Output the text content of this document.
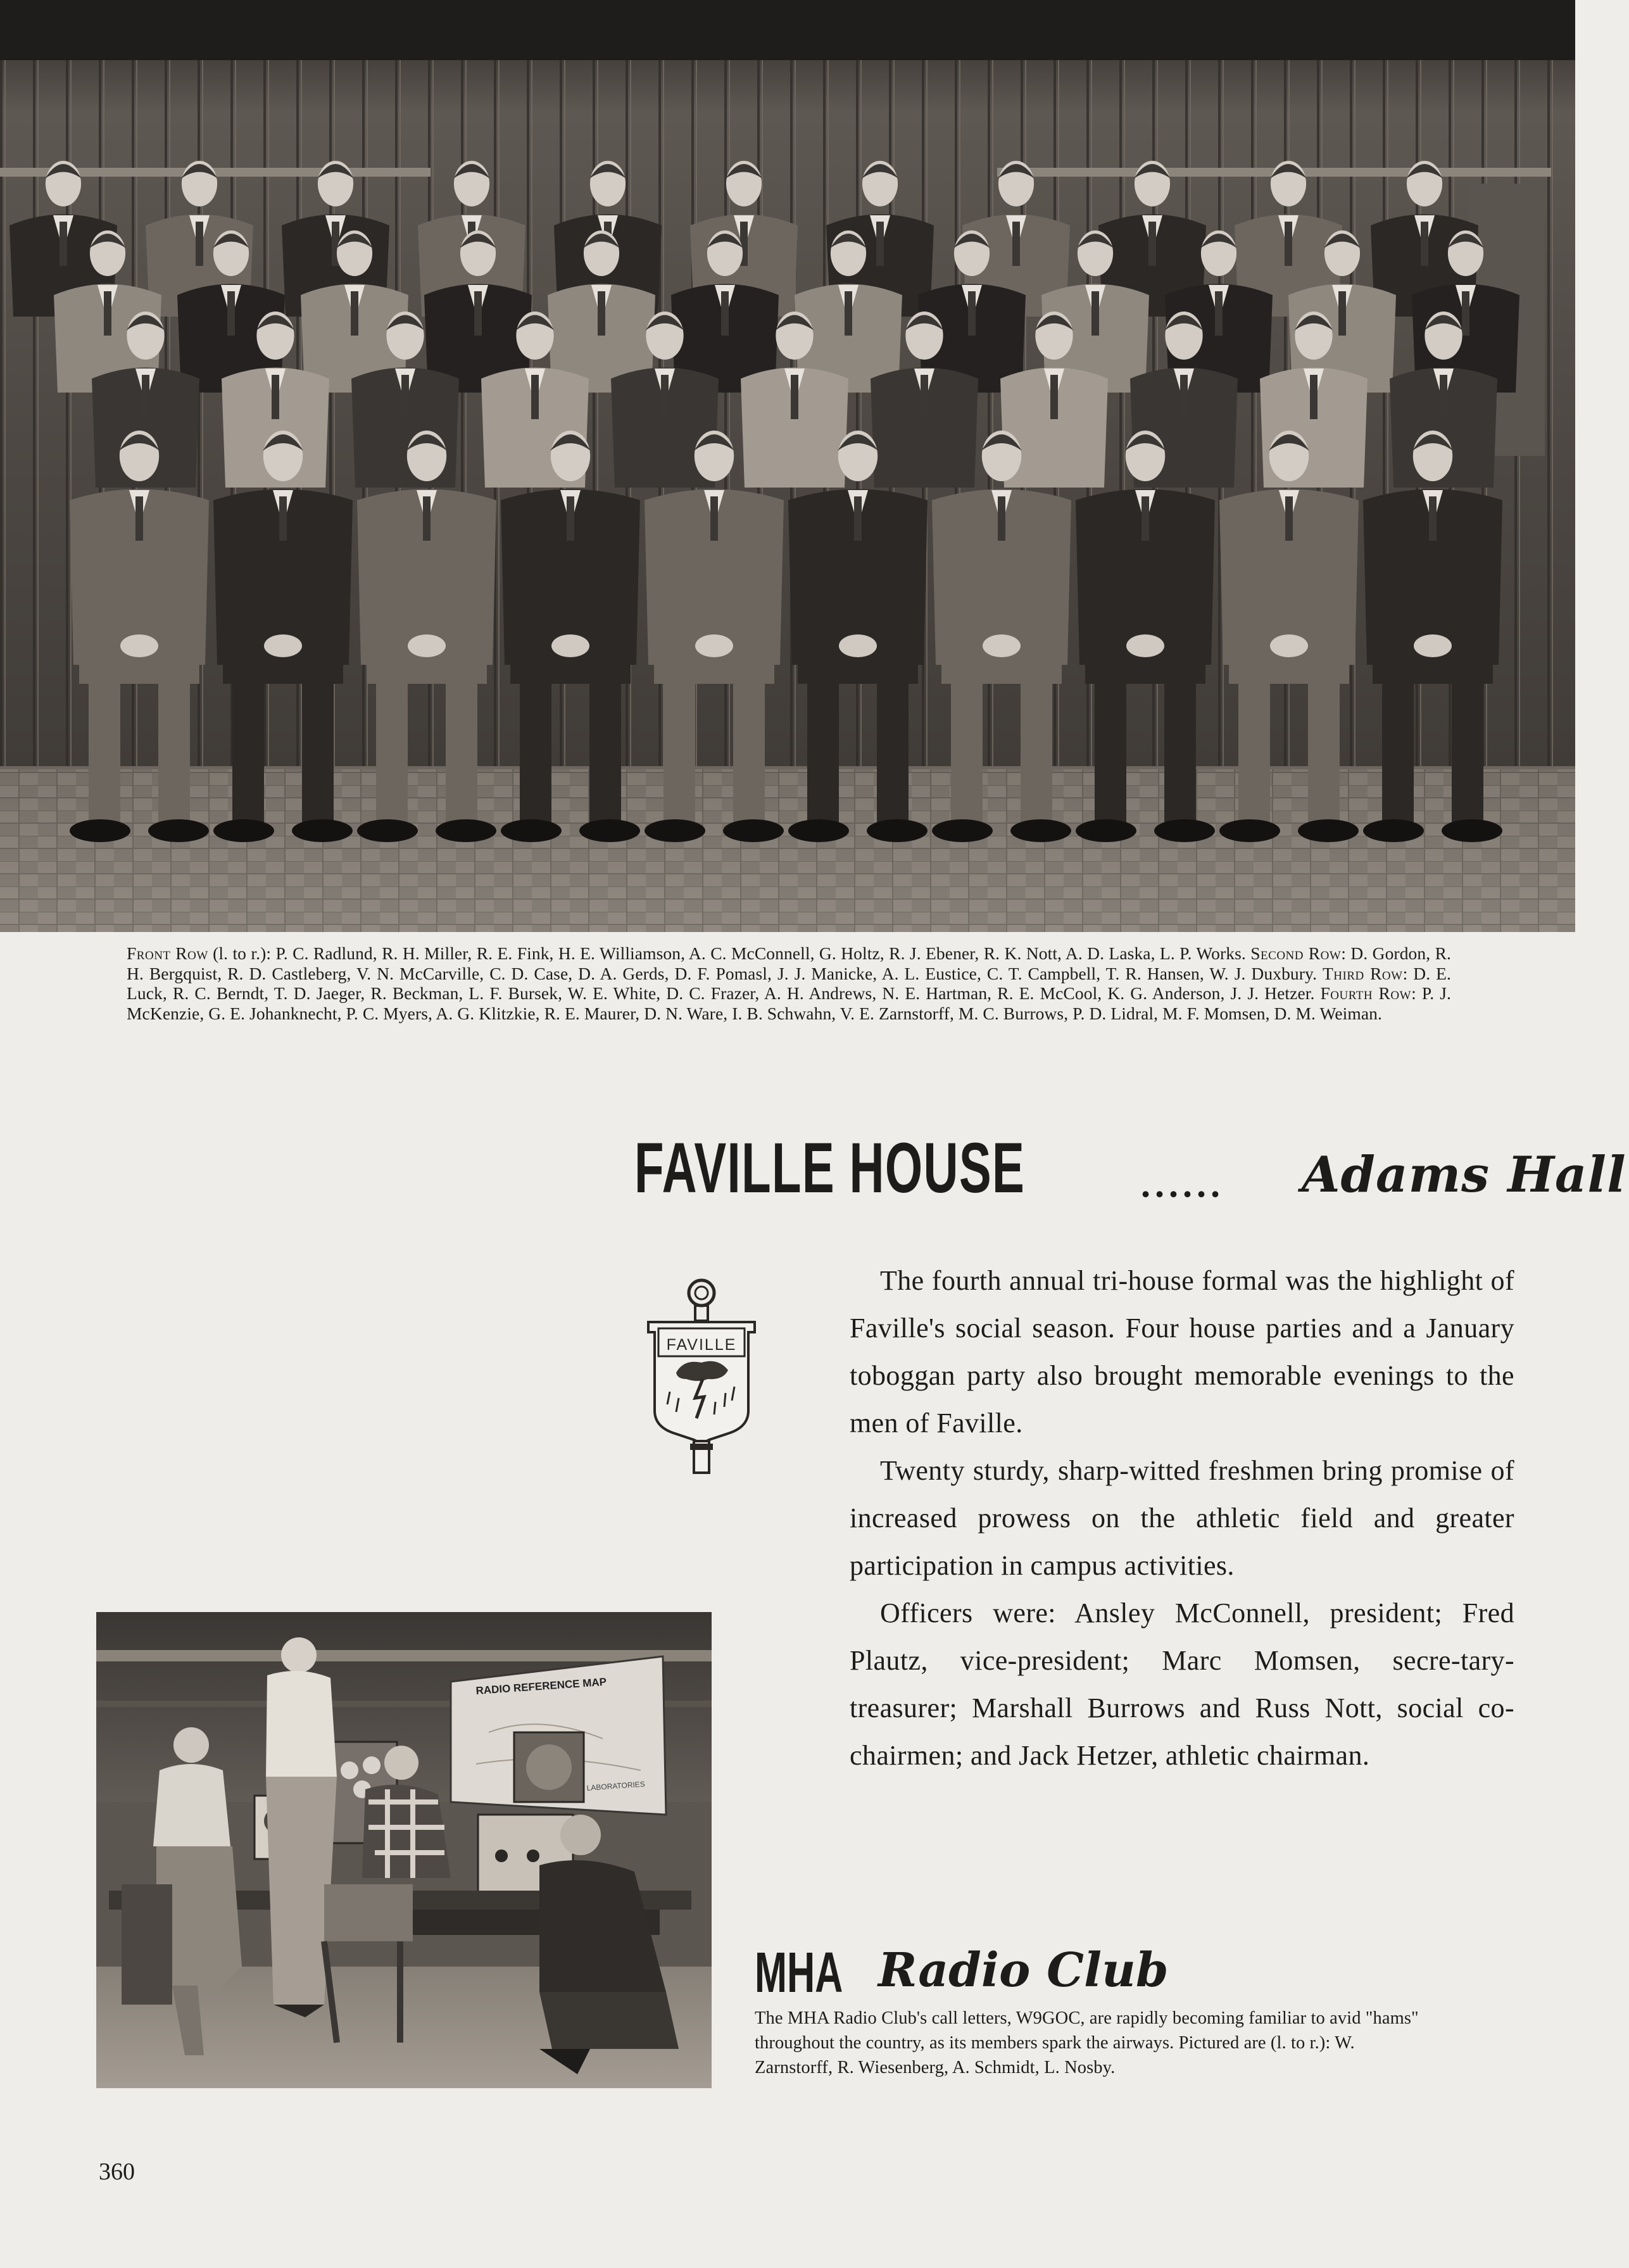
Front Row (l. to r.): P. C. Radlund, R. H. Miller, R. E. Fink, H. E. Williamson, A. C. McConnell, G. Holtz, R. J. Ebener, R. K. Nott, A. D. Laska, L. P. Works. Second Row: D. Gordon, R. H. Bergquist, R. D. Castleberg, V. N. McCarville, C. D. Case, D. A. Gerds, D. F. Pomasl, J. J. Manicke, A. L. Eustice, C. T. Campbell, T. R. Hansen, W. J. Duxbury. Third Row: D. E. Luck, R. C. Berndt, T. D. Jaeger, R. Beckman, L. F. Bursek, W. E. White, D. C. Frazer, A. H. Andrews, N. E. Hartman, R. E. McCool, K. G. Anderson, J. J. Hetzer. Fourth Row: P. J. McKenzie, G. E. Johanknecht, P. C. Myers, A. G. Klitzkie, R. E. Maurer, D. N. Ware, I. B. Schwahn, V. E. Zarnstorff, M. C. Burrows, P. D. Lidral, M. F. Momsen, D. M. Weiman.
FAVILLE HOUSE	...... Adams Hall
FAVILLE

The fourth annual tri-house formal was the highlight of Faville's social season. Four house parties and a January toboggan party also brought memorable evenings to the men of Faville.

Twenty sturdy, sharp-witted freshmen bring promise of increased prowess on the athletic field and greater participation in campus activities.

Officers were: Ansley McConnell, president; Fred Plautz, vice-president; Marc Momsen, secre-tary-treasurer; Marshall Burrows and Russ Nott, social co-chairmen; and Jack Hetzer, athletic chairman.

RADIO REFERENCE MAP
LABORATORIES
MHA Radio Club
The MHA Radio Club's call letters, W9GOC, are rapidly becoming familiar to avid "hams" throughout the country, as its members spark the airways. Pictured are (l. to r.): W. Zarnstorff, R. Wiesenberg, A. Schmidt, L. Nosby.
360
